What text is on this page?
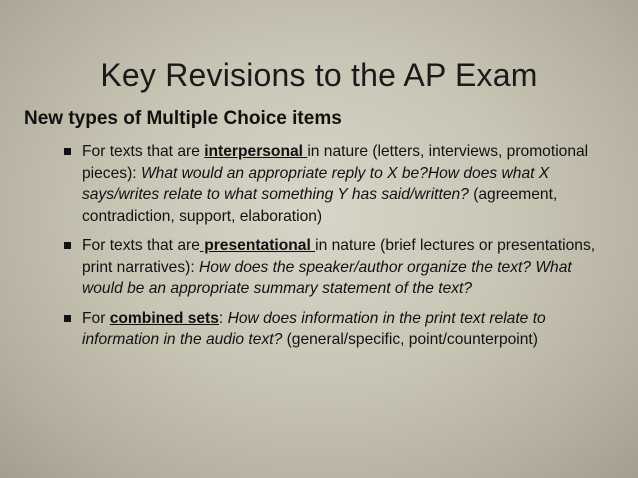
Key Revisions to the AP Exam
New types of Multiple Choice items
For texts that are interpersonal in nature (letters, interviews, promotional pieces): What would an appropriate reply to X be?How does what X says/writes relate to what something Y has said/written? (agreement, contradiction, support, elaboration)
For texts that are presentational in nature (brief lectures or presentations, print narratives): How does the speaker/author organize the text? What would be an appropriate summary statement of the text?
For combined sets: How does information in the print text relate to information in the audio text? (general/specific, point/counterpoint)
